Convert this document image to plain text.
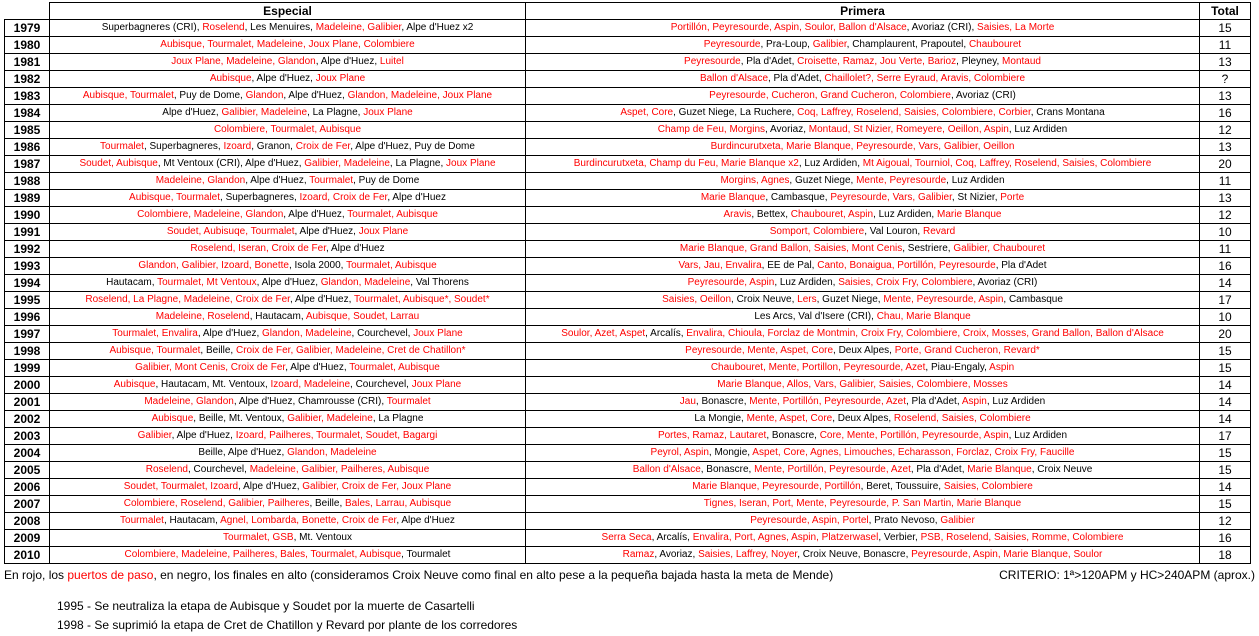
	Especial	Primera	Total
1979	Superbagneres (CRI), Roselend, Les Menuires, Madeleine, Galibier, Alpe d'Huez x2	Portillón, Peyresourde, Aspin, Soulor, Ballon d'Alsace, Avoriaz (CRI), Saisies, La Morte	15
1980	Aubisque, Tourmalet, Madeleine, Joux Plane, Colombiere	Peyresourde, Pra-Loup, Galibier, Champlaurent, Prapoutel, Chaubouret	11
1981	Joux Plane, Madeleine, Glandon, Alpe d'Huez, Luitel	Peyresourde, Pla d'Adet, Croisette, Ramaz, Jou Verte, Barioz, Pleyney, Montaud	13
1982	Aubisque, Alpe d'Huez, Joux Plane	Ballon d'Alsace, Pla d'Adet, Chaillolet?, Serre Eyraud, Aravis, Colombiere	?
1983	Aubisque, Tourmalet, Puy de Dome, Glandon, Alpe d'Huez, Glandon, Madeleine, Joux Plane	Peyresourde, Cucheron, Grand Cucheron, Colombiere, Avoriaz (CRI)	13
1984	Alpe d'Huez, Galibier, Madeleine, La Plagne, Joux Plane	Aspet, Core, Guzet Niege, La Ruchere, Coq, Laffrey, Roselend, Saisies, Colombiere, Corbier, Crans Montana	16
1985	Colombiere, Tourmalet, Aubisque	Champ de Feu, Morgins, Avoriaz, Montaud, St Nizier, Romeyere, Oeillon, Aspin, Luz Ardiden	12
1986	Tourmalet, Superbagneres, Izoard, Granon, Croix de Fer, Alpe d'Huez, Puy de Dome	Burdincurutxeta, Marie Blanque, Peyresourde, Vars, Galibier, Oeillon	13
1987	Soudet, Aubisque, Mt Ventoux (CRI), Alpe d'Huez, Galibier, Madeleine, La Plagne, Joux Plane	Burdincurutxeta, Champ du Feu, Marie Blanque x2, Luz Ardiden, Mt Aigoual, Tourniol, Coq, Laffrey, Roselend, Saisies, Colombiere	20
1988	Madeleine, Glandon, Alpe d'Huez, Tourmalet, Puy de Dome	Morgins, Agnes, Guzet Niege, Mente, Peyresourde, Luz Ardiden	11
1989	Aubisque, Tourmalet, Superbagneres, Izoard, Croix de Fer, Alpe d'Huez	Marie Blanque, Cambasque, Peyresourde, Vars, Galibier, St Nizier, Porte	13
1990	Colombiere, Madeleine, Glandon, Alpe d'Huez, Tourmalet, Aubisque	Aravis, Bettex, Chaubouret, Aspin, Luz Ardiden, Marie Blanque	12
1991	Soudet, Aubisuqe, Tourmalet, Alpe d'Huez, Joux Plane	Somport, Colombiere, Val Louron, Revard	10
1992	Roselend, Iseran, Croix de Fer, Alpe d'Huez	Marie Blanque, Grand Ballon, Saisies, Mont Cenis, Sestriere, Galibier, Chaubouret	11
1993	Glandon, Galibier, Izoard, Bonette, Isola 2000, Tourmalet, Aubisque	Vars, Jau, Envalira, EE de Pal, Canto, Bonaigua, Portillón, Peyresourde, Pla d'Adet	16
1994	Hautacam, Tourmalet, Mt Ventoux, Alpe d'Huez, Glandon, Madeleine, Val Thorens	Peyresourde, Aspin, Luz Ardiden, Saisies, Croix Fry, Colombiere, Avoriaz (CRI)	14
1995	Roselend, La Plagne, Madeleine, Croix de Fer, Alpe d'Huez, Tourmalet, Aubisque*, Soudet*	Saisies, Oeillon, Croix Neuve, Lers, Guzet Niege, Mente, Peyresourde, Aspin, Cambasque	17
1996	Madeleine, Roselend, Hautacam, Aubisque, Soudet, Larrau	Les Arcs, Val d'Isere (CRI), Chau, Marie Blanque	10
1997	Tourmalet, Envalira, Alpe d'Huez, Glandon, Madeleine, Courchevel, Joux Plane	Soulor, Azet, Aspet, Arcalís, Envalira, Chioula, Forclaz de Montmin, Croix Fry, Colombiere, Croix, Mosses, Grand Ballon, Ballon d'Alsace	20
1998	Aubisque, Tourmalet, Beille, Croix de Fer, Galibier, Madeleine, Cret de Chatillon*	Peyresourde, Mente, Aspet, Core, Deux Alpes, Porte, Grand Cucheron, Revard*	15
1999	Galibier, Mont Cenis, Croix de Fer, Alpe d'Huez, Tourmalet, Aubisque	Chaubouret, Mente, Portillon, Peyresourde, Azet, Piau-Engaly, Aspin	15
2000	Aubisque, Hautacam, Mt. Ventoux, Izoard, Madeleine, Courchevel, Joux Plane	Marie Blanque, Allos, Vars, Galibier, Saisies, Colombiere, Mosses	14
2001	Madeleine, Glandon, Alpe d'Huez, Chamrousse (CRI), Tourmalet	Jau, Bonascre, Mente, Portillón, Peyresourde, Azet, Pla d'Adet, Aspin, Luz Ardiden	14
2002	Aubisque, Beille, Mt. Ventoux, Galibier, Madeleine, La Plagne	La Mongie, Mente, Aspet, Core, Deux Alpes, Roselend, Saisies, Colombiere	14
2003	Galibier, Alpe d'Huez, Izoard, Pailheres, Tourmalet, Soudet, Bagargi	Portes, Ramaz, Lautaret, Bonascre, Core, Mente, Portillón, Peyresourde, Aspin, Luz Ardiden	17
2004	Beille, Alpe d'Huez, Glandon, Madeleine	Peyrol, Aspin, Mongie, Aspet, Core, Agnes, Limouches, Echarasson, Forclaz, Croix Fry, Faucille	15
2005	Roselend, Courchevel, Madeleine, Galibier, Pailheres, Aubisque	Ballon d'Alsace, Bonascre, Mente, Portillón, Peyresourde, Azet, Pla d'Adet, Marie Blanque, Croix Neuve	15
2006	Soudet, Tourmalet, Izoard, Alpe d'Huez, Galibier, Croix de Fer, Joux Plane	Marie Blanque, Peyresourde, Portillón, Beret, Toussuire, Saisies, Colombiere	14
2007	Colombiere, Roselend, Galibier, Pailheres, Beille, Bales, Larrau, Aubisque	Tignes, Iseran, Port, Mente, Peyresourde, P. San Martin, Marie Blanque	15
2008	Tourmalet, Hautacam, Agnel, Lombarda, Bonette, Croix de Fer, Alpe d'Huez	Peyresourde, Aspin, Portel, Prato Nevoso, Galibier	12
2009	Tourmalet, GSB, Mt. Ventoux	Serra Seca, Arcalís, Envalira, Port, Agnes, Aspin, Platzerwasel, Verbier, PSB, Roselend, Saisies, Romme, Colombiere	16
2010	Colombiere, Madeleine, Pailheres, Bales, Tourmalet, Aubisque, Tourmalet	Ramaz, Avoriaz, Saisies, Laffrey, Noyer, Croix Neuve, Bonascre, Peyresourde, Aspin, Marie Blanque, Soulor	18
En rojo, los puertos de paso, en negro, los finales en alto (consideramos Croix Neuve como final en alto pese a la pequeña bajada hasta la meta de Mende)	CRITERIO: 1ª>120APM y HC>240APM (aprox.)
1995 - Se neutraliza la etapa de Aubisque y Soudet por la muerte de Casartelli
1998 - Se suprimió la etapa de Cret de Chatillon y Revard por plante de los corredores
